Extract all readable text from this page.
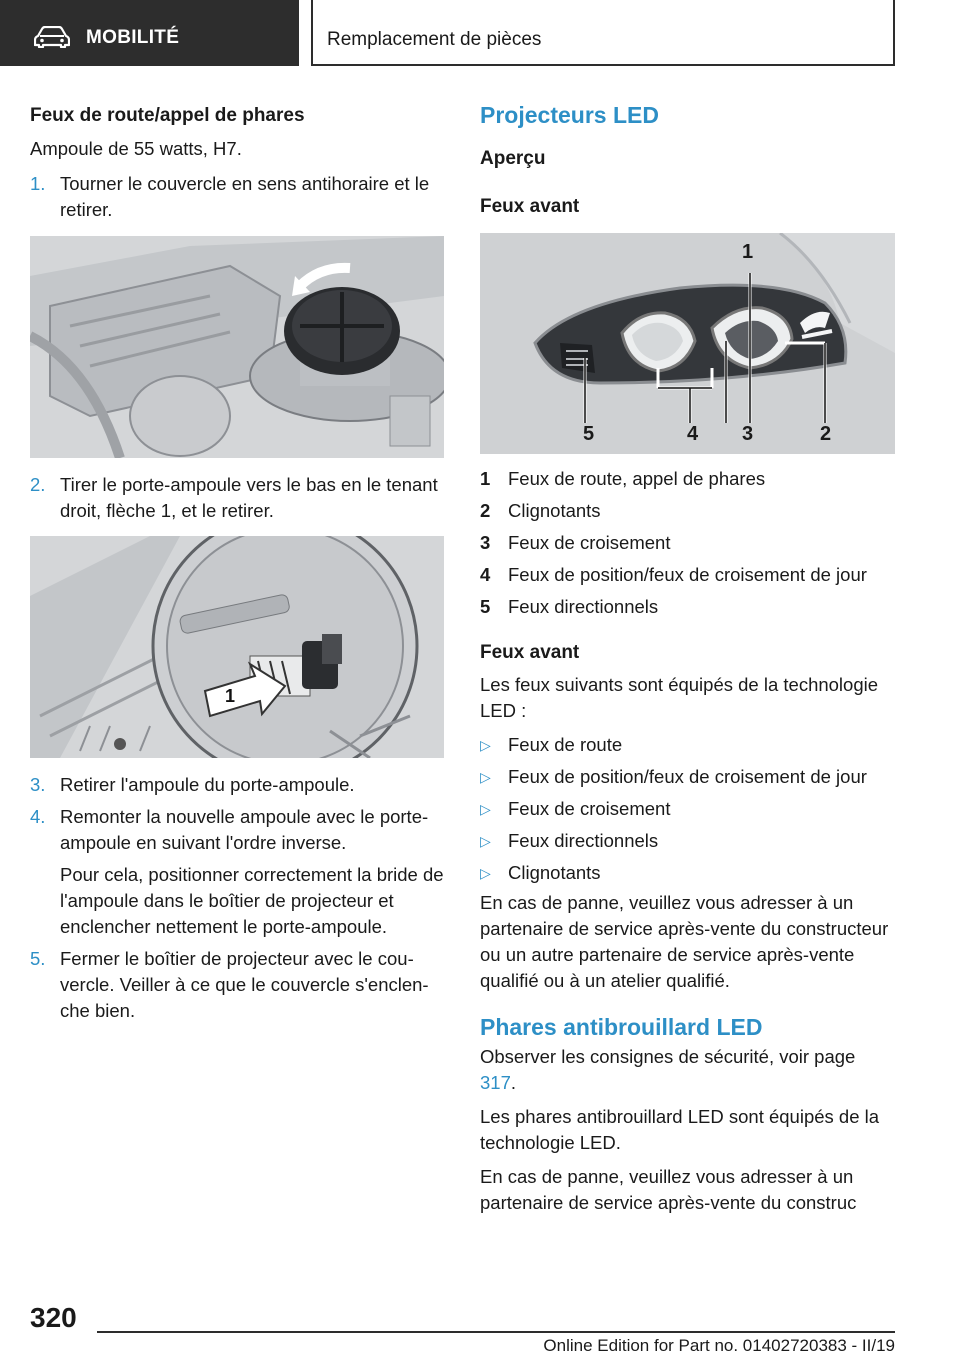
MOBILITÉ	Remplacement de pièces
Feux de route/appel de phares
Ampoule de 55 watts, H7.
1. Tourner le couvercle en sens antihoraire et le retirer.
2. Tirer le porte-ampoule vers le bas en le tenant droit, flèche 1, et le retirer.
1
3. Retirer l'ampoule du porte-ampoule.
4. Remonter la nouvelle ampoule avec le porte-ampoule en suivant l'ordre inverse.
Pour cela, positionner correctement la bride de l'ampoule dans le boîtier de projecteur et enclencher nettement le porte-ampoule.
5. Fermer le boîtier de projecteur avec le couvercle. Veiller à ce que le couvercle s'enclenche bien.
Projecteurs LED
Aperçu
Feux avant
1
5	4 3	2
1 Feux de route, appel de phares
2 Clignotants
3 Feux de croisement
4 Feux de position/feux de croisement de jour
5 Feux directionnels
Feux avant
Les feux suivants sont équipés de la technologie LED :
▷ Feux de route
▷ Feux de position/feux de croisement de jour
▷ Feux de croisement
▷ Feux directionnels
▷ Clignotants
En cas de panne, veuillez vous adresser à un partenaire de service après-vente du constructeur ou un autre partenaire de service après-vente qualifié ou à un atelier qualifié.
Phares antibrouillard LED
Observer les consignes de sécurité, voir page 317.
Les phares antibrouillard LED sont équipés de la technologie LED.
En cas de panne, veuillez vous adresser à un partenaire de service après-vente du construc
320
Online Edition for Part no. 01402720383 - II/19
